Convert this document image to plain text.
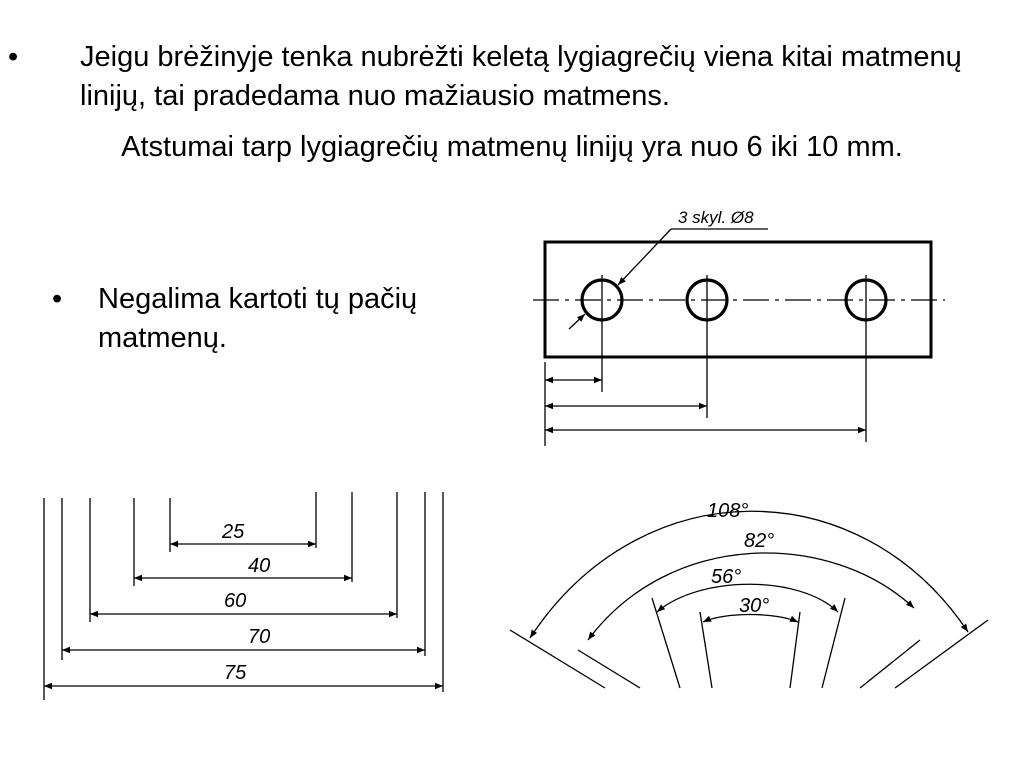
• Jeigu brėžinyje tenka nubrėžti keletą lygiagrečių viena kitai matmenų linijų, tai pradedama nuo mažiausio matmens.
Atstumai tarp lygiagrečių matmenų linijų yra nuo 6 iki 10 mm.
• Negalima kartoti tų pačių matmenų.
3 skyl. Ø8
25
40
60
70
75
108°
82°
56°
30°
